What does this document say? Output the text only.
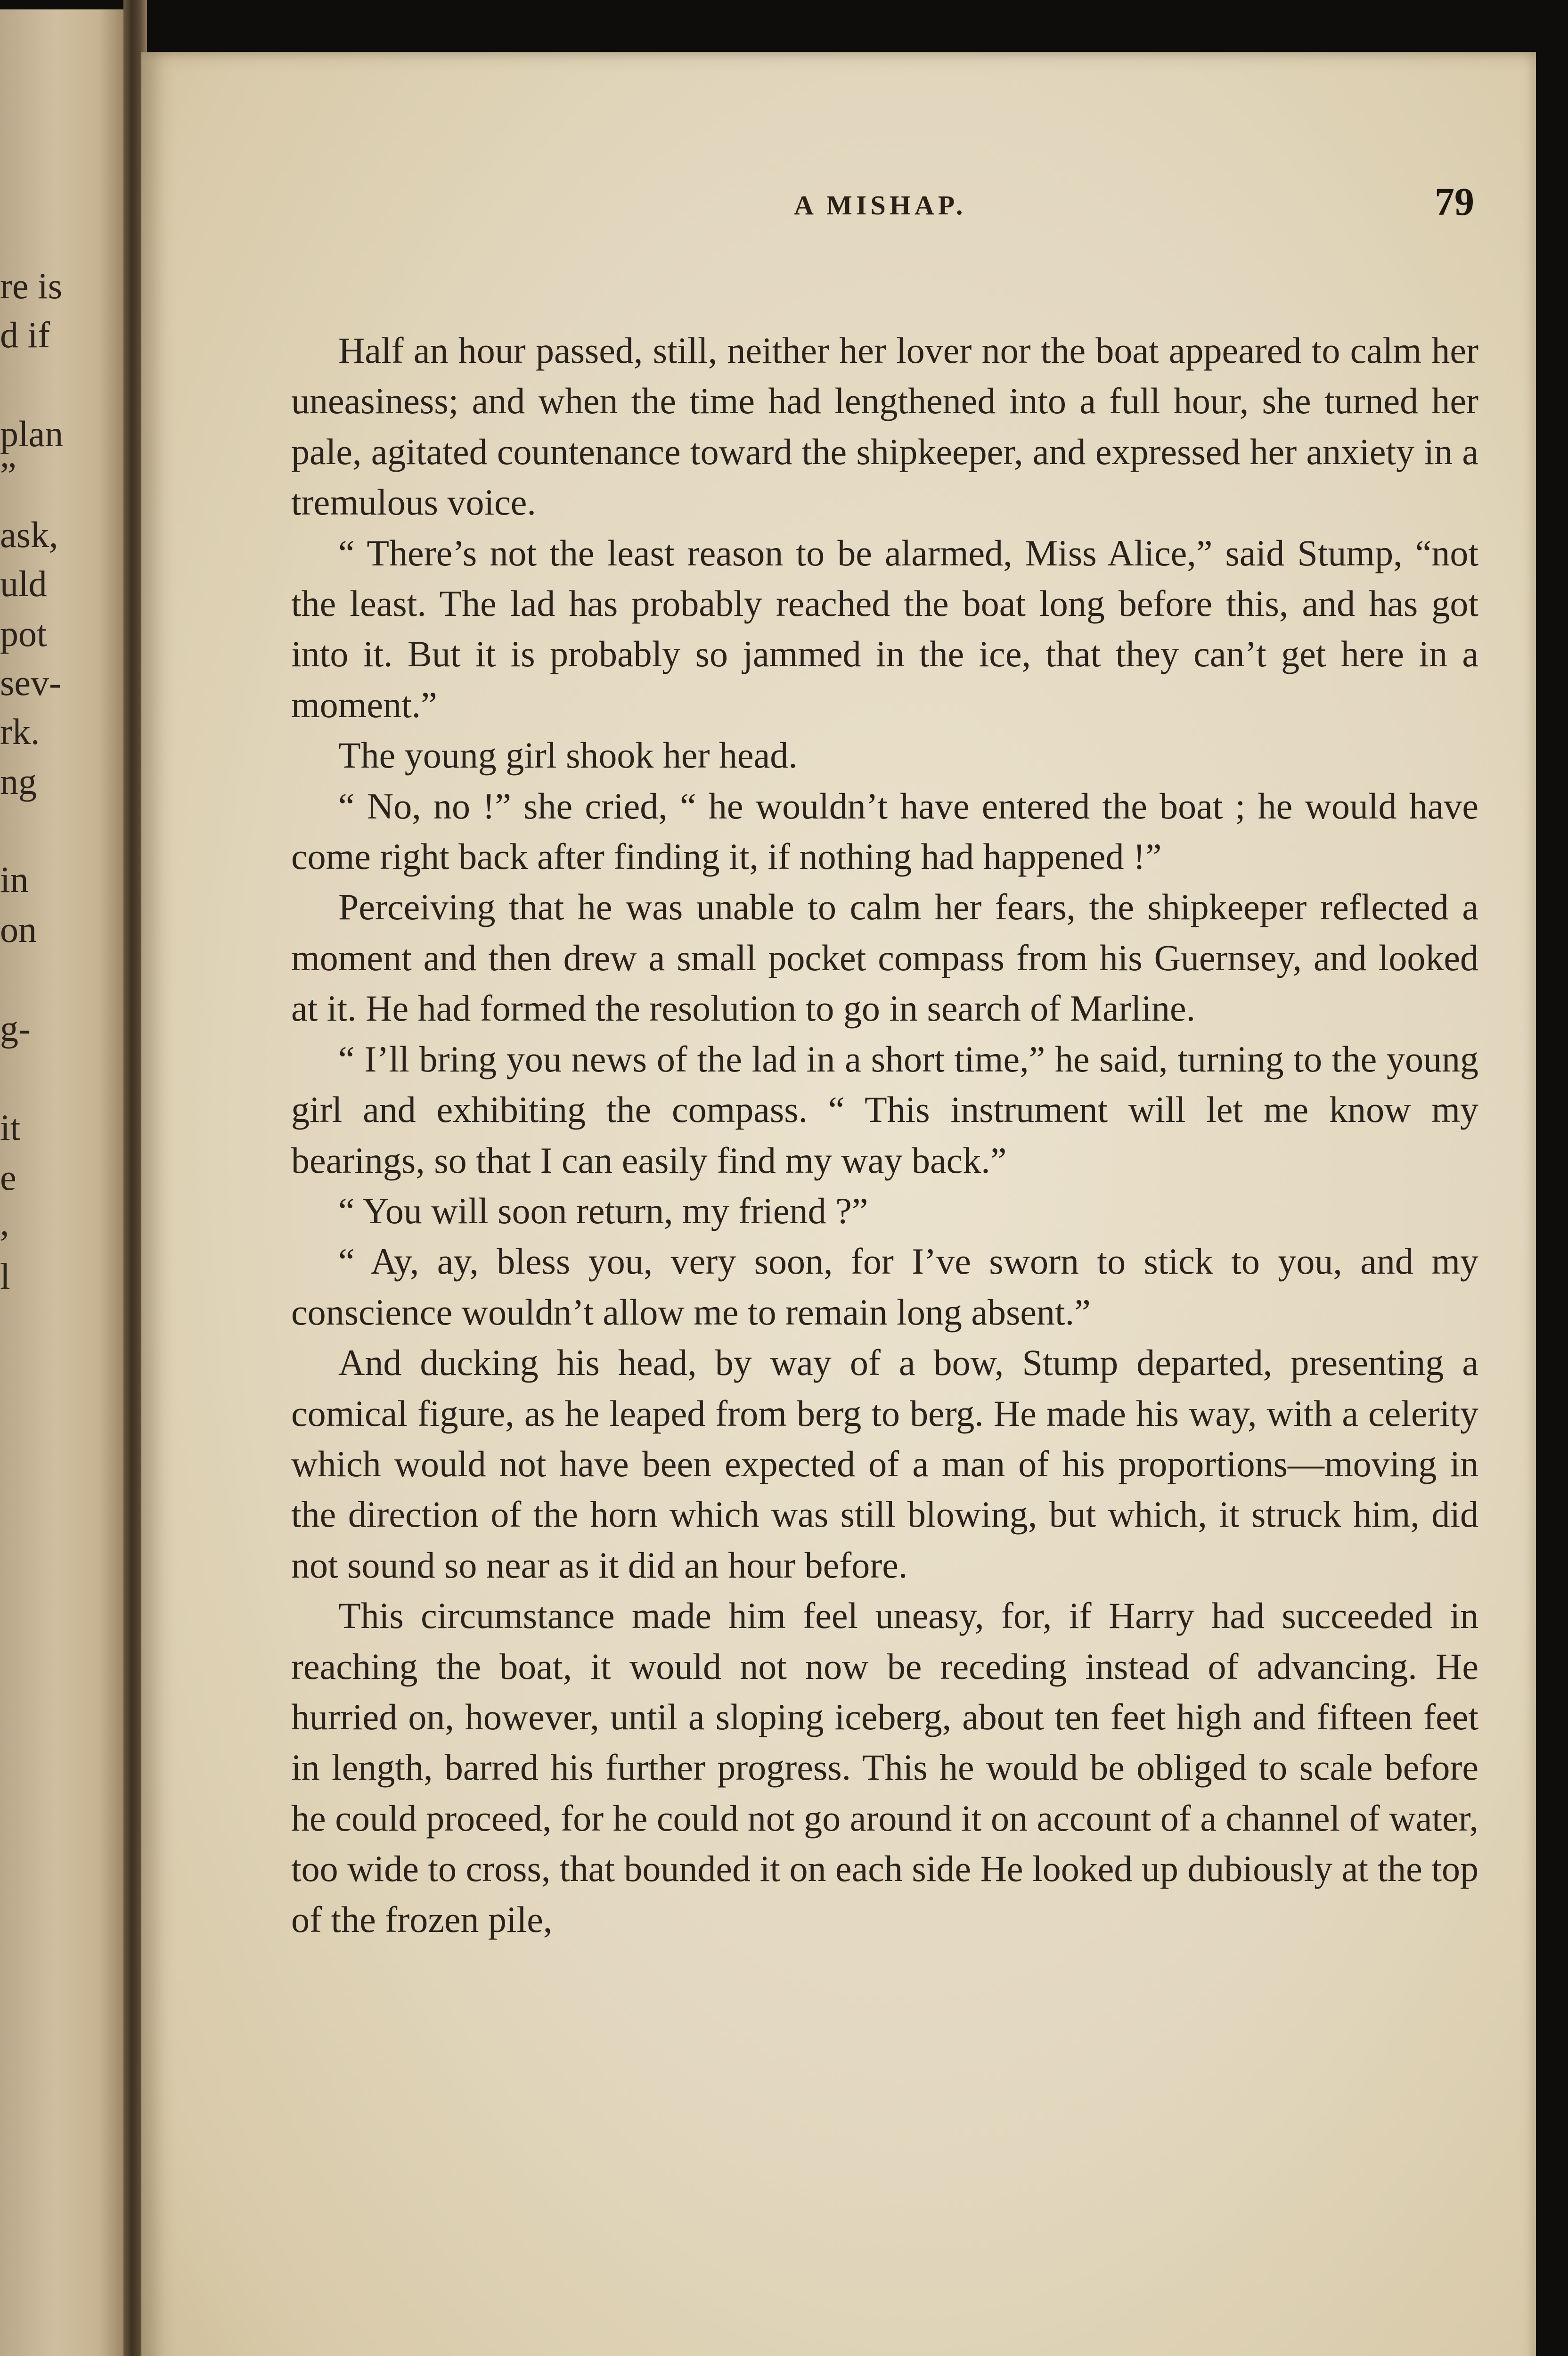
re is
d if
plan
”
ask,
uld
pot
sev-
rk.
ng
in
on
g-
it
e
,
l
A MISHAP.	79

Half an hour passed, still, neither her lover nor the boat appeared to calm her uneasiness; and when the time had lengthened into a full hour, she turned her pale, agitated countenance toward the shipkeeper, and expressed her anxiety in a tremulous voice.

“ There’s not the least reason to be alarmed, Miss Alice,” said Stump, “not the least. The lad has probably reached the boat long before this, and has got into it. But it is probably so jammed in the ice, that they can’t get here in a moment.”

The young girl shook her head.

“ No, no !” she cried, “ he wouldn’t have entered the boat ; he would have come right back after finding it, if nothing had happened !”

Perceiving that he was unable to calm her fears, the shipkeeper reflected a moment and then drew a small pocket compass from his Guernsey, and looked at it. He had formed the resolution to go in search of Marline.

“ I’ll bring you news of the lad in a short time,” he said, turning to the young girl and exhibiting the compass. “ This instrument will let me know my bearings, so that I can easily find my way back.”

“ You will soon return, my friend ?”

“ Ay, ay, bless you, very soon, for I’ve sworn to stick to you, and my conscience wouldn’t allow me to remain long absent.”

And ducking his head, by way of a bow, Stump departed, presenting a comical figure, as he leaped from berg to berg. He made his way, with a celerity which would not have been expected of a man of his proportions—moving in the direction of the horn which was still blowing, but which, it struck him, did not sound so near as it did an hour before.

This circumstance made him feel uneasy, for, if Harry had succeeded in reaching the boat, it would not now be receding instead of advancing. He hurried on, however, until a sloping iceberg, about ten feet high and fifteen feet in length, barred his further progress. This he would be obliged to scale before he could proceed, for he could not go around it on account of a channel of water, too wide to cross, that bounded it on each side He looked up dubiously at the top of the frozen pile,
